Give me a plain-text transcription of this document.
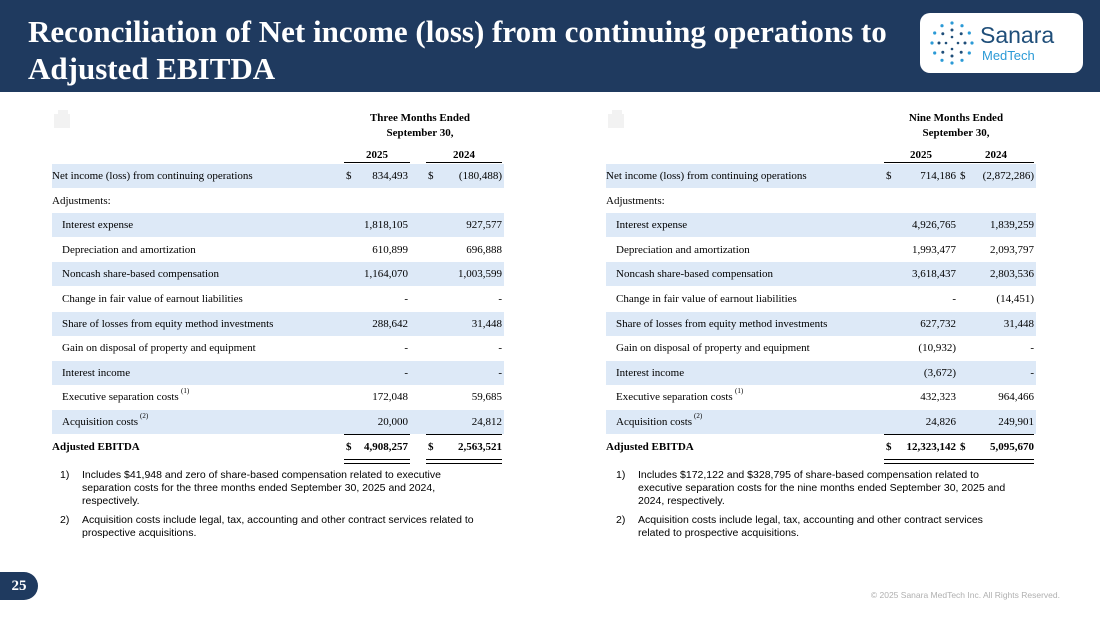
Reconciliation of Net income (loss) from continuing operations to Adjusted EBITDA
Sanara
MedTech
Three Months Ended
September 30,
2025	2024
Net income (loss) from continuing operations	$	834,493 $	(180,488)
Adjustments:
Interest expense	1,818,105	927,577
Depreciation and amortization	610,899	696,888
Noncash share-based compensation	1,164,070	1,003,599
Change in fair value of earnout liabilities	-	-
Share of losses from equity method investments	288,642	31,448
Gain on disposal of property and equipment	-	-
Interest income	-	-
Executive separation costs (1)	172,048	59,685
Acquisition costs (2)	20,000	24,812
Adjusted EBITDA	$	4,908,257 $	2,563,521
1) Includes $41,948 and zero of share-based compensation related to executive separation costs for the three months ended September 30, 2025 and 2024, respectively.
2) Acquisition costs include legal, tax, accounting and other contract services related to prospective acquisitions.
Nine Months Ended
September 30,
2025	2024
Net income (loss) from continuing operations	$	714,186 $	(2,872,286)
Adjustments:
Interest expense	4,926,765	1,839,259
Depreciation and amortization	1,993,477	2,093,797
Noncash share-based compensation	3,618,437	2,803,536
Change in fair value of earnout liabilities	-	(14,451)
Share of losses from equity method investments	627,732	31,448
Gain on disposal of property and equipment	(10,932)	-
Interest income	(3,672)	-
Executive separation costs (1)	432,323	964,466
Acquisition costs (2)	24,826	249,901
Adjusted EBITDA	$	12,323,142 $	5,095,670
1) Includes $172,122 and $328,795 of share-based compensation related to executive separation costs for the nine months ended September 30, 2025 and 2024, respectively.
2) Acquisition costs include legal, tax, accounting and other contract services related to prospective acquisitions.
25
© 2025 Sanara MedTech Inc. All Rights Reserved.
